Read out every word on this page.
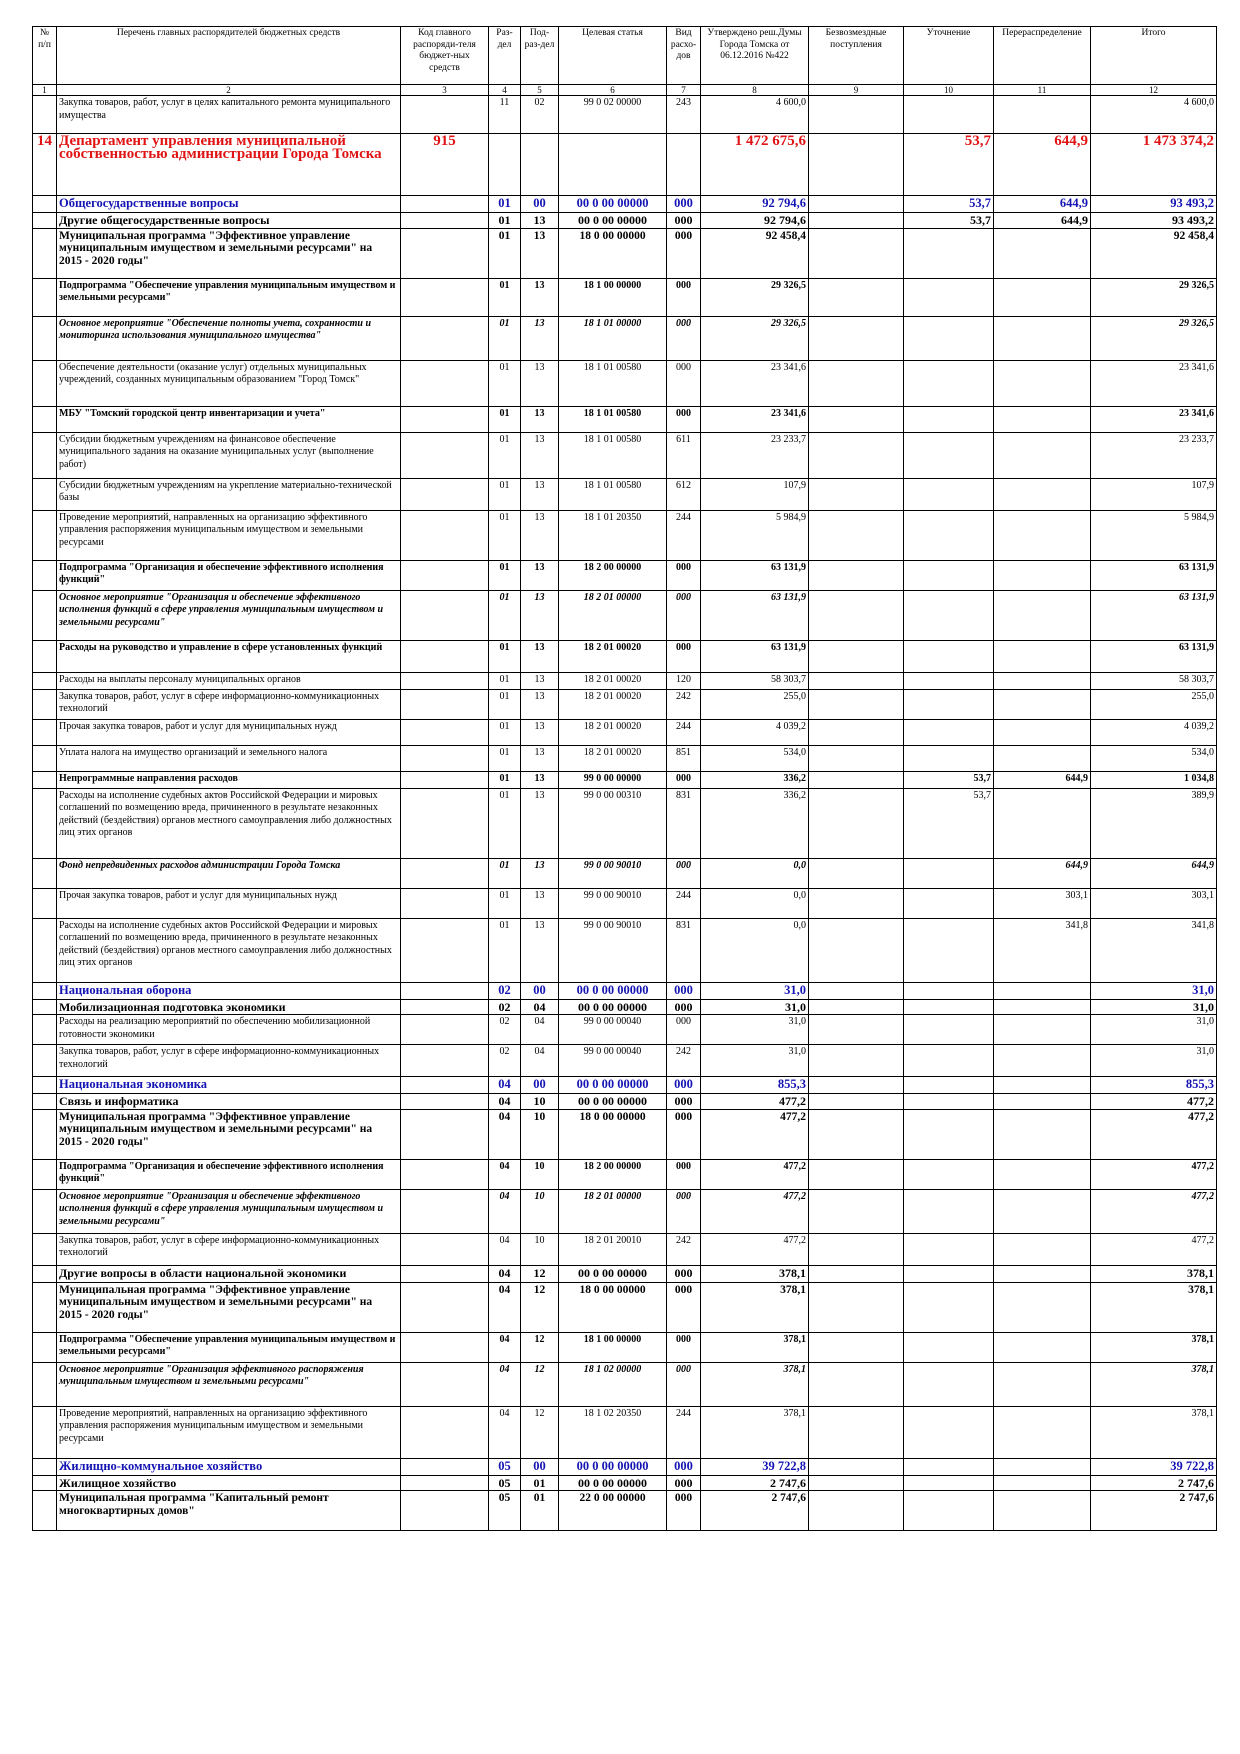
№ п/п	Перечень главных распорядителей бюджетных средств	Код главного распоряди-теля бюджет-ных средств	Раз-дел	Под-раз-дел	Целевая статья	Вид расхо-дов	Утверждено реш.Думы Города Томска от 06.12.2016 №422	Безвозмездные поступления	Уточнение	Перераспределение	Итого
1	2	3	4	5	6	7	8	9	10	11	12
	Закупка товаров, работ, услуг в целях капитального ремонта муниципального имущества		11	02	99 0 02 00000	243	4 600,0				4 600,0
14	Департамент управления муниципальной собственностью администрации Города Томска	915					1 472 675,6		53,7	644,9	1 473 374,2
	Общегосударственные вопросы		01	00	00 0 00 00000	000	92 794,6		53,7	644,9	93 493,2
	Другие общегосударственные вопросы		01	13	00 0 00 00000	000	92 794,6		53,7	644,9	93 493,2
	Муниципальная программа "Эффективное управление муниципальным имуществом и земельными ресурсами" на 2015 - 2020 годы"		01	13	18 0 00 00000	000	92 458,4				92 458,4
	Подпрограмма "Обеспечение управления муниципальным имуществом и земельными ресурсами"		01	13	18 1 00 00000	000	29 326,5				29 326,5
	Основное мероприятие "Обеспечение полноты учета, сохранности и мониторинга использования муниципального имущества"		01	13	18 1 01 00000	000	29 326,5				29 326,5
	Обеспечение деятельности (оказание услуг) отдельных муниципальных учреждений, созданных муниципальным образованием "Город Томск"		01	13	18 1 01 00580	000	23 341,6				23 341,6
	МБУ "Томский городской центр инвентаризации и учета"		01	13	18 1 01 00580	000	23 341,6				23 341,6
	Субсидии бюджетным учреждениям на финансовое обеспечение муниципального задания на оказание муниципальных услуг (выполнение работ)		01	13	18 1 01 00580	611	23 233,7				23 233,7
	Субсидии бюджетным учреждениям на укрепление материально-технической базы		01	13	18 1 01 00580	612	107,9				107,9
	Проведение мероприятий, направленных на организацию эффективного управления распоряжения муниципальным имуществом и земельными ресурсами		01	13	18 1 01 20350	244	5 984,9				5 984,9
	Подпрограмма "Организация и обеспечение эффективного исполнения функций"		01	13	18 2 00 00000	000	63 131,9				63 131,9
	Основное мероприятие "Организация и обеспечение эффективного исполнения функций в сфере управления муниципальным имуществом и земельными ресурсами"		01	13	18 2 01 00000	000	63 131,9				63 131,9
	Расходы на руководство и управление в сфере установленных функций		01	13	18 2 01 00020	000	63 131,9				63 131,9
	Расходы на выплаты персоналу муниципальных органов		01	13	18 2 01 00020	120	58 303,7				58 303,7
	Закупка товаров, работ, услуг в сфере информационно-коммуникационных технологий		01	13	18 2 01 00020	242	255,0				255,0
	Прочая закупка товаров, работ и услуг для муниципальных нужд		01	13	18 2 01 00020	244	4 039,2				4 039,2
	Уплата налога на имущество организаций и земельного налога		01	13	18 2 01 00020	851	534,0				534,0
	Непрограммные направления расходов		01	13	99 0 00 00000	000	336,2		53,7	644,9	1 034,8
	Расходы на исполнение судебных актов Российской Федерации и мировых соглашений по возмещению вреда, причиненного в результате незаконных действий (бездействия) органов местного самоуправления либо должностных лиц этих органов		01	13	99 0 00 00310	831	336,2		53,7		389,9
	Фонд непредвиденных расходов администрации Города Томска		01	13	99 0 00 90010	000	0,0			644,9	644,9
	Прочая закупка товаров, работ и услуг для муниципальных нужд		01	13	99 0 00 90010	244	0,0			303,1	303,1
	Расходы на исполнение судебных актов Российской Федерации и мировых соглашений по возмещению вреда, причиненного в результате незаконных действий (бездействия) органов местного самоуправления либо должностных лиц этих органов		01	13	99 0 00 90010	831	0,0			341,8	341,8
	Национальная оборона		02	00	00 0 00 00000	000	31,0				31,0
	Мобилизационная подготовка экономики		02	04	00 0 00 00000	000	31,0				31,0
	Расходы на реализацию мероприятий по обеспечению мобилизационной готовности экономики		02	04	99 0 00 00040	000	31,0				31,0
	Закупка товаров, работ, услуг в сфере информационно-коммуникационных технологий		02	04	99 0 00 00040	242	31,0				31,0
	Национальная экономика		04	00	00 0 00 00000	000	855,3				855,3
	Связь и информатика		04	10	00 0 00 00000	000	477,2				477,2
	Муниципальная программа "Эффективное управление муниципальным имуществом и земельными ресурсами" на 2015 - 2020 годы"		04	10	18 0 00 00000	000	477,2				477,2
	Подпрограмма "Организация и обеспечение эффективного исполнения функций"		04	10	18 2 00 00000	000	477,2				477,2
	Основное мероприятие "Организация и обеспечение эффективного исполнения функций в сфере управления муниципальным имуществом и земельными ресурсами"		04	10	18 2 01 00000	000	477,2				477,2
	Закупка товаров, работ, услуг в сфере информационно-коммуникационных технологий		04	10	18 2 01 20010	242	477,2				477,2
	Другие вопросы в области национальной экономики		04	12	00 0 00 00000	000	378,1				378,1
	Муниципальная программа "Эффективное управление муниципальным имуществом и земельными ресурсами" на 2015 - 2020 годы"		04	12	18 0 00 00000	000	378,1				378,1
	Подпрограмма "Обеспечение управления муниципальным имуществом и земельными ресурсами"		04	12	18 1 00 00000	000	378,1				378,1
	Основное мероприятие "Организация эффективного распоряжения муниципальным имуществом и земельными ресурсами"		04	12	18 1 02 00000	000	378,1				378,1
	Проведение мероприятий, направленных на организацию эффективного управления распоряжения муниципальным имуществом и земельными ресурсами		04	12	18 1 02 20350	244	378,1				378,1
	Жилищно-коммунальное хозяйство		05	00	00 0 00 00000	000	39 722,8				39 722,8
	Жилищное хозяйство		05	01	00 0 00 00000	000	2 747,6				2 747,6
	Муниципальная программа "Капитальный ремонт многоквартирных домов"		05	01	22 0 00 00000	000	2 747,6				2 747,6
